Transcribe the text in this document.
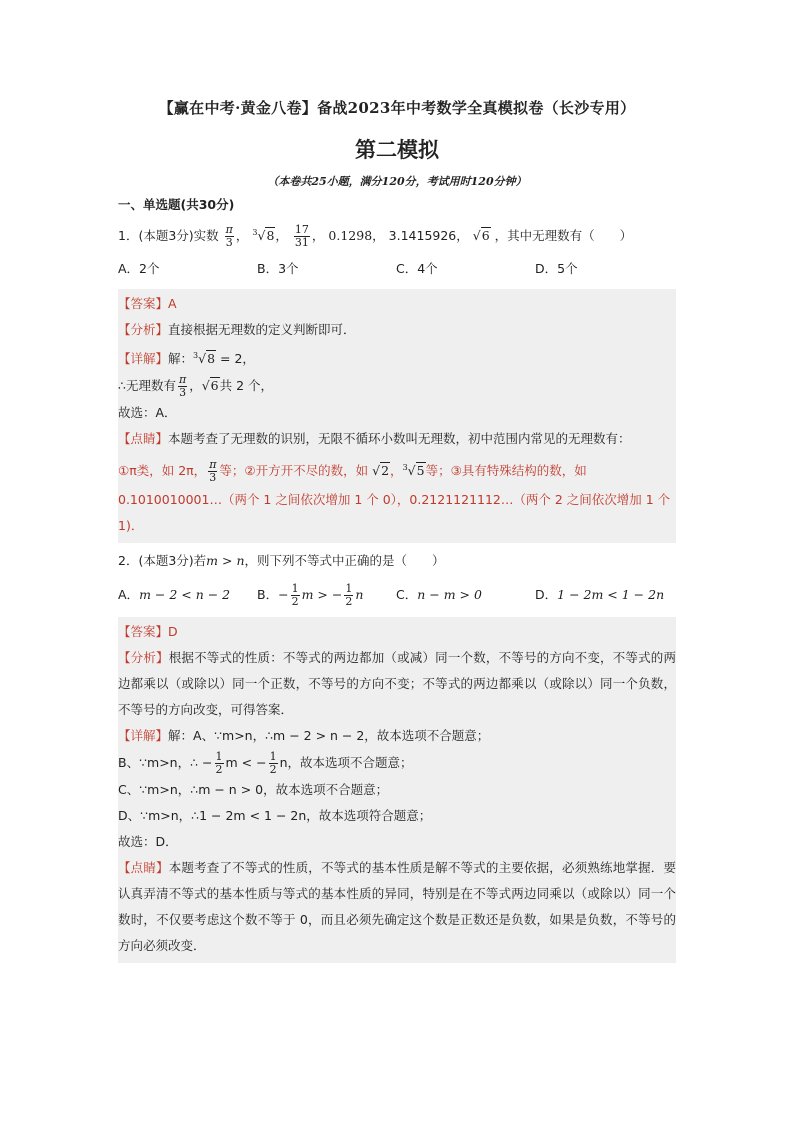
【赢在中考·黄金八卷】备战2023年中考数学全真模拟卷（长沙专用）
第二模拟
（本卷共25小题，满分120分，考试用时120分钟）
一、单选题(共30分)
1．(本题3分)实数 $\frac{\pi}{3}$ ， $^3$√8， $\frac{17}{31}$ ， 0.129̇8̇， 3.1415926， √6 ，其中无理数有（　　）
A．2个	B．3个	C．4个	D．5个
【答案】A
【分析】直接根据无理数的定义判断即可．
【详解】解：$^3$√8 = 2，
∴无理数有 $\frac{\pi}{3}$ ，√6共 2 个，
故选：A．
【点睛】本题考查了无理数的识别，无限不循环小数叫无理数，初中范围内常见的无理数有：
①π类，如 2π， $\frac{\pi}{3}$ 等；②开方开不尽的数，如 √2，$^3$√5等；③具有特殊结构的数，如
0.1010010001…（两个 1 之间依次增加 1 个 0），0.2121121112…（两个 2 之间依次增加 1 个
1)．
2．(本题3分)若m > n，则下列不等式中正确的是（　　）
A．m − 2 < n − 2	B．− $\frac{1}{2}$ m > − $\frac{1}{2}$ n	C．n − m > 0	D．1 − 2m < 1 − 2n
【答案】D
【分析】根据不等式的性质：不等式的两边都加（或减）同一个数，不等号的方向不变，不等式的两边都乘以（或除以）同一个正数，不等号的方向不变；不等式的两边都乘以（或除以）同一个负数，不等号的方向改变，可得答案．
【详解】解：A、∵m>n，∴m − 2 > n − 2，故本选项不合题意；
B、∵m>n，∴ − $\frac{1}{2}$ m < − $\frac{1}{2}$ n，故本选项不合题意；
C、∵m>n，∴m − n > 0，故本选项不合题意；
D、∵m>n，∴1 − 2m < 1 − 2n，故本选项符合题意；
故选：D．
【点睛】本题考查了不等式的性质，不等式的基本性质是解不等式的主要依据，必须熟练地掌握．要认真弄清不等式的基本性质与等式的基本性质的异同，特别是在不等式两边同乘以（或除以）同一个数时，不仅要考虑这个数不等于 0，而且必须先确定这个数是正数还是负数，如果是负数，不等号的方向必须改变．
